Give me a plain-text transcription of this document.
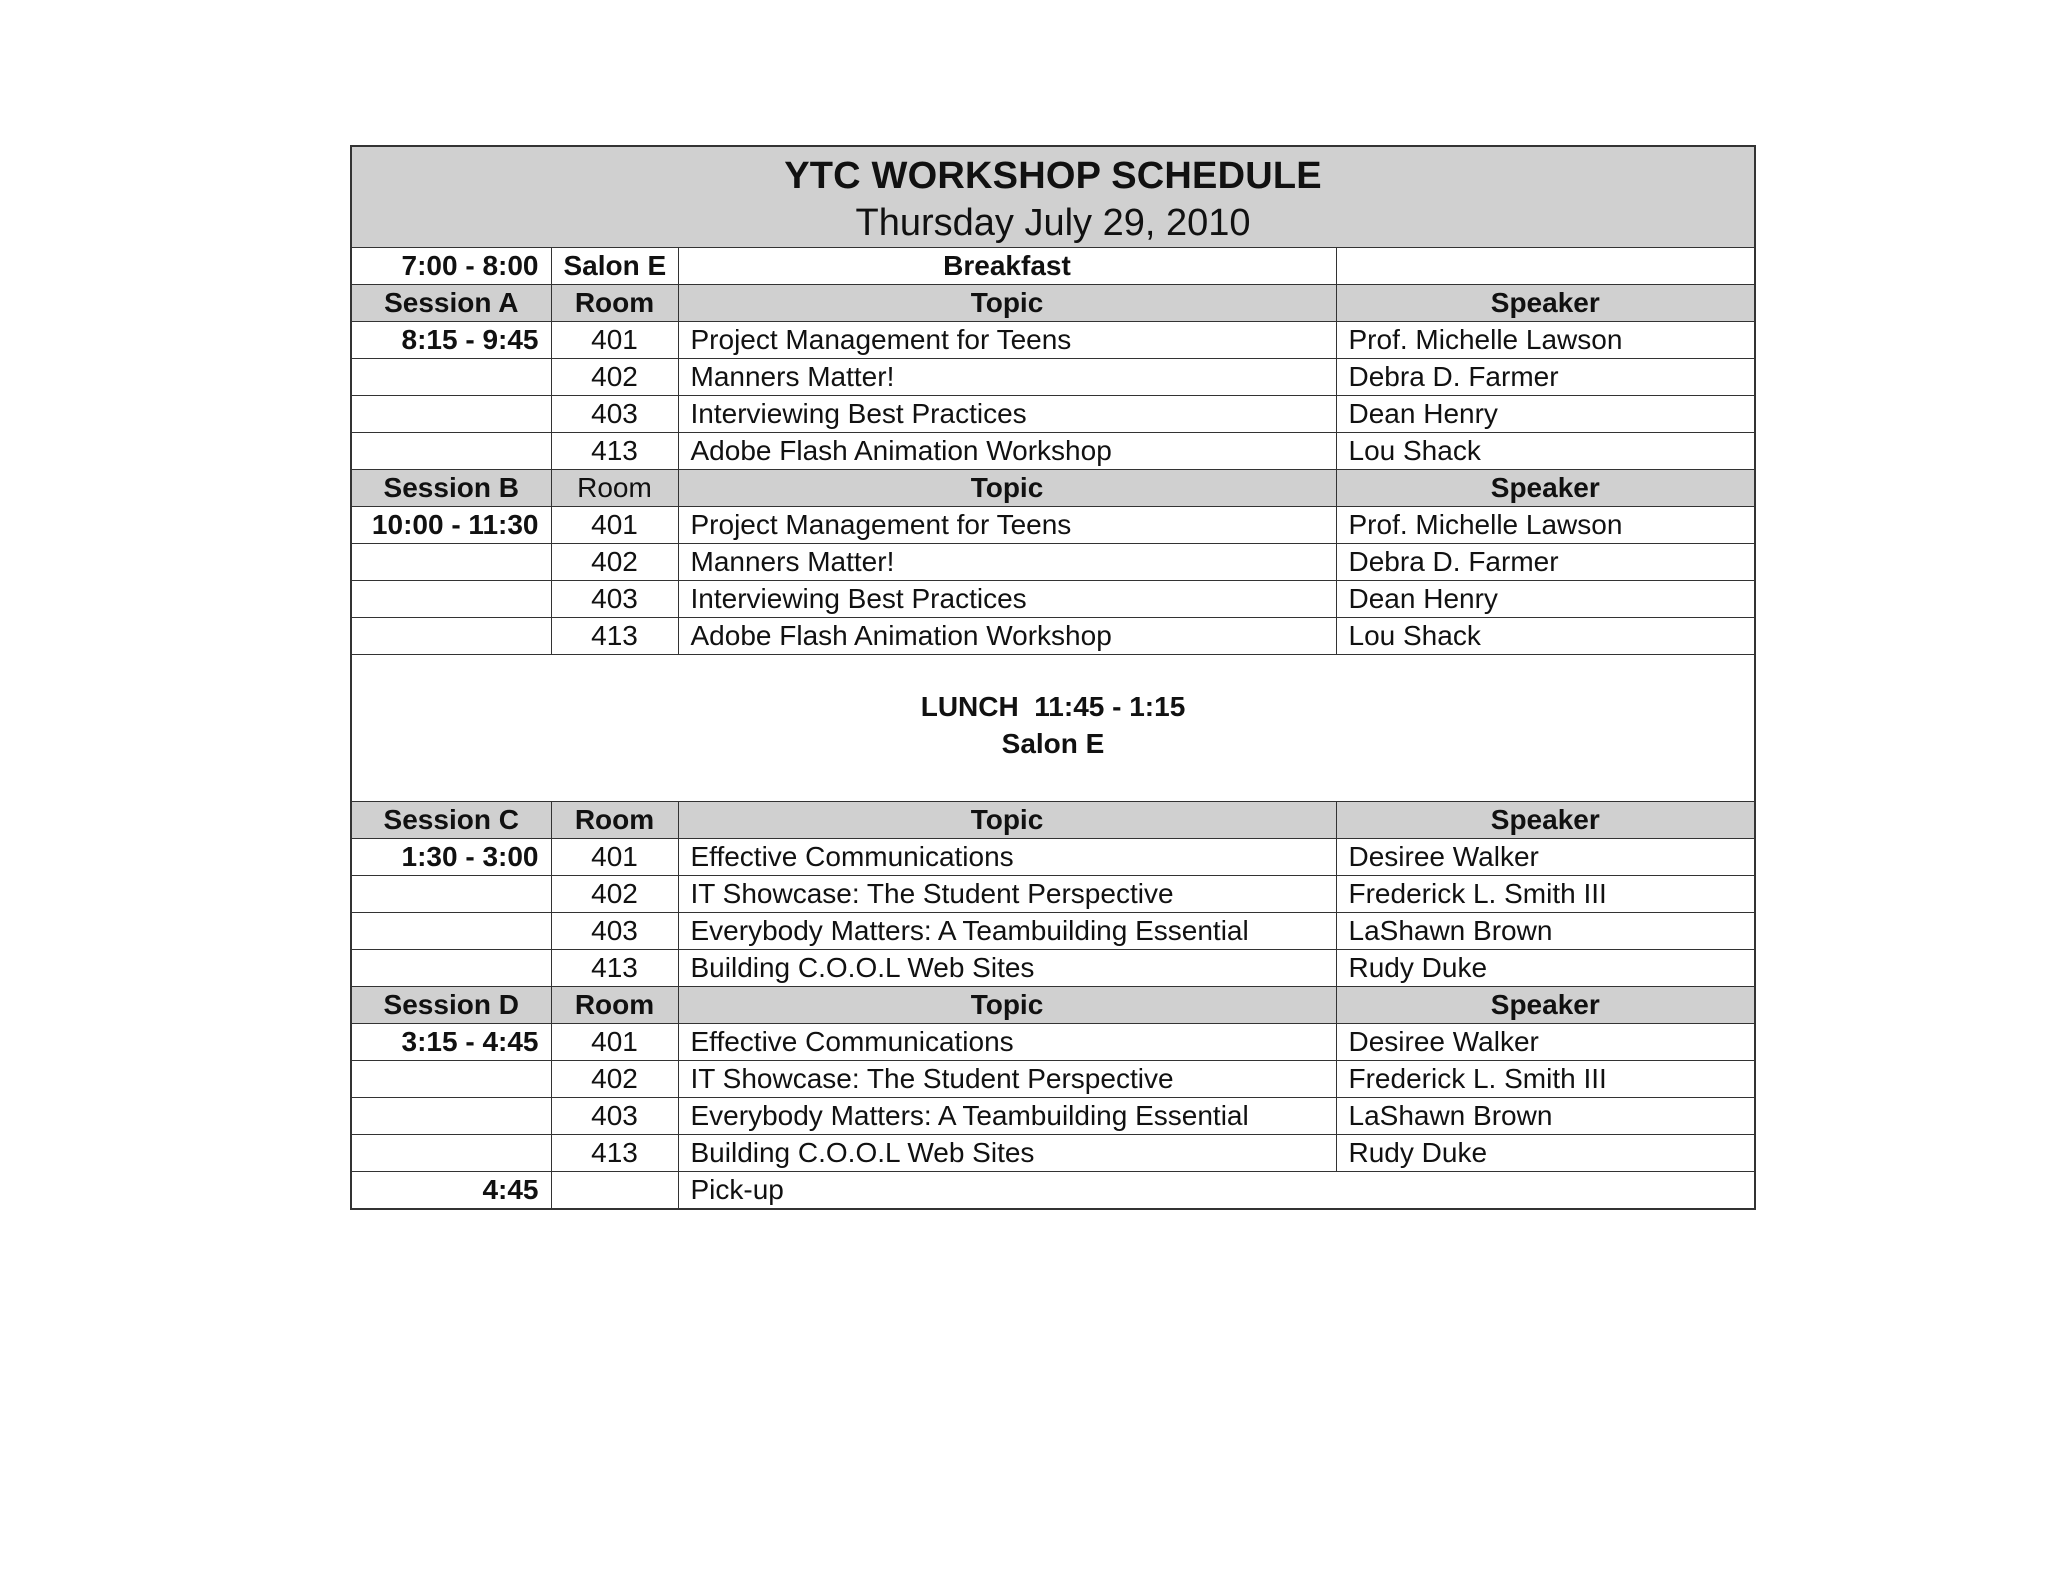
YTC WORKSHOP SCHEDULE
Thursday July 29, 2010			

7:00 - 8:00	Salon E	Breakfast	
Session A	Room	Topic	Speaker
8:15 - 9:45	401	Project Management for Teens	Prof. Michelle Lawson
	402	Manners Matter!	Debra D. Farmer
	403	Interviewing Best Practices	Dean Henry
	413	Adobe Flash Animation Workshop	Lou Shack
Session B	Room	Topic	Speaker
10:00 - 11:30	401	Project Management for Teens	Prof. Michelle Lawson
	402	Manners Matter!	Debra D. Farmer
	403	Interviewing Best Practices	Dean Henry
	413	Adobe Flash Animation Workshop	Lou Shack

LUNCH  11:45 - 1:15
Salon E			

Session C	Room	Topic	Speaker
1:30 - 3:00	401	Effective Communications	Desiree Walker
	402	IT Showcase: The Student Perspective	Frederick L. Smith III
	403	Everybody Matters: A Teambuilding Essential	LaShawn Brown
	413	Building C.O.O.L Web Sites	Rudy Duke
Session D	Room	Topic	Speaker
3:15 - 4:45	401	Effective Communications	Desiree Walker
	402	IT Showcase: The Student Perspective	Frederick L. Smith III
	403	Everybody Matters: A Teambuilding Essential	LaShawn Brown
	413	Building C.O.O.L Web Sites	Rudy Duke
4:45		Pick-up	
